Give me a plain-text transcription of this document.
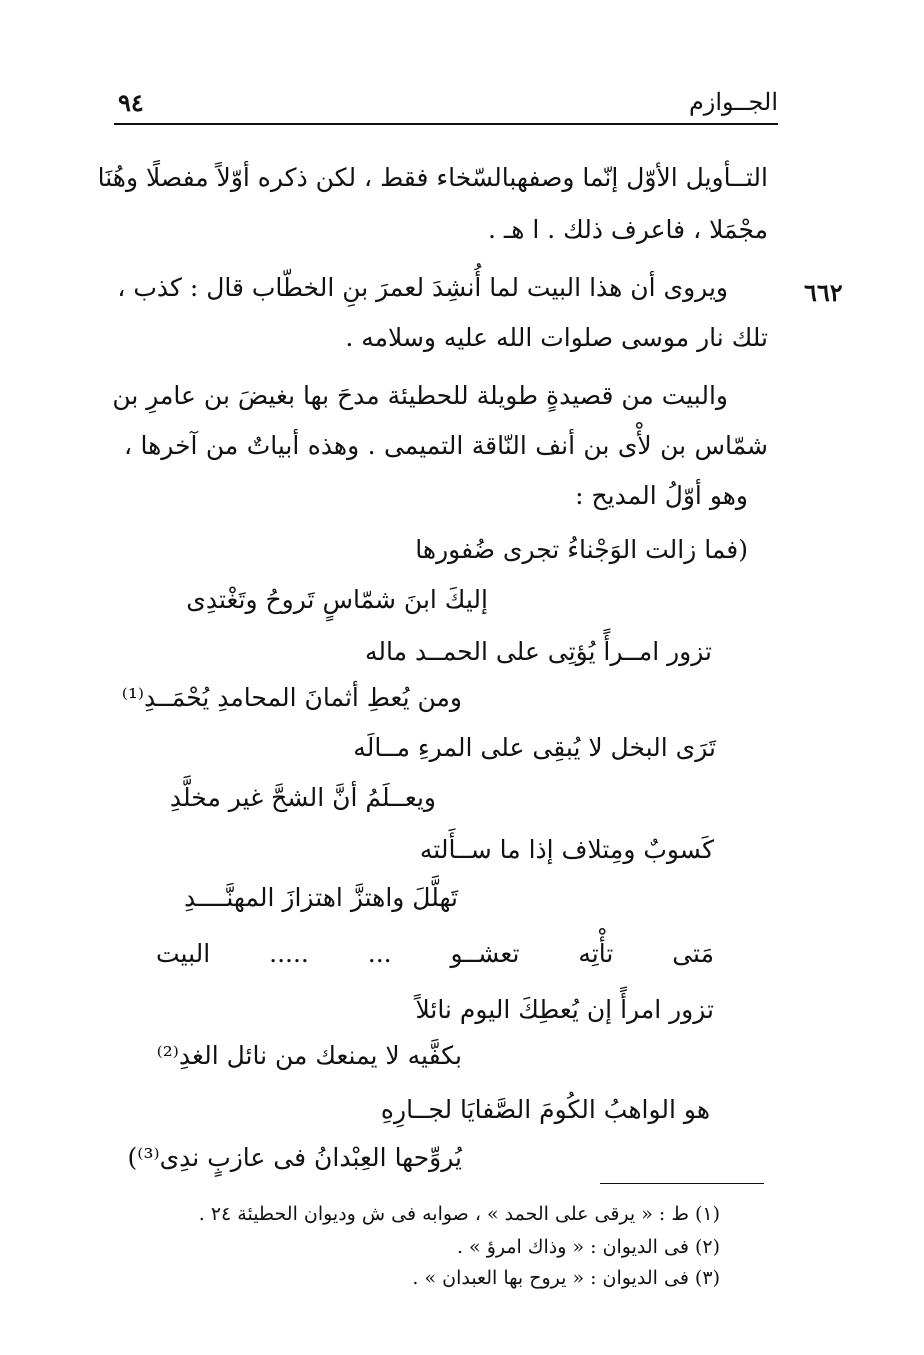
الجــوازم
٩٤
التــأويل الأوّل إنّما وصفهبالسّخاء فقط ، لكن ذكره أوّلاً مفصلًا وهُنَا
مجْمَلا ، فاعرف ذلك . ا هـ .
٦٦٢
ويروى أن هذا البيت لما أُنشِدَ لعمرَ بنِ الخطّاب قال : كذب ،
تلك نار موسى صلوات الله عليه وسلامه .
والبيت من قصيدةٍ طويلة للحطيئة مدحَ بها بغيضَ بن عامرِ بن
شمّاس بن لأْى بن أنف النّاقة التميمى . وهذه أبياتٌ من آخرها ،
وهو أوّلُ المديح :
(فما زالت الوَجْناءُ تجرى ضُفورها
إليكَ ابنَ شمّاسٍ تَروحُ وتَغْتدِى
تزور امــرأً يُؤتِى على الحمــد ماله
ومن يُعطِ أثمانَ المحامدِ يُحْمَــدِ⁽¹⁾
تَرَى البخل لا يُبقِى على المرءِ مــالَه
ويعــلَمُ أنَّ الشحَّ غير مخلَّدِ
كَسوبٌ ومِتلاف إذا ما ســأَلته
تَهلَّلَ واهتزَّ اهتزازَ المهنَّــــدِ
مَتى تأْتِه تعشــو ... ..... البيت
تزور امرأً إن يُعطِكَ اليوم نائلاً
بكفَّيه لا يمنعك من نائل الغدِ⁽²⁾
هو الواهبُ الكُومَ الصَّفايَا لجــارِهِ
يُروِّحها العِبْدانُ فى عازبٍ ندِى⁽³⁾)
(١) ط : « يرقى على الحمد » ، صوابه فى ش وديوان الحطيئة ٢٤ .
(٢) فى الديوان : « وذاك امرؤ » .
(٣) فى الديوان : « يروح بها العبدان » .
